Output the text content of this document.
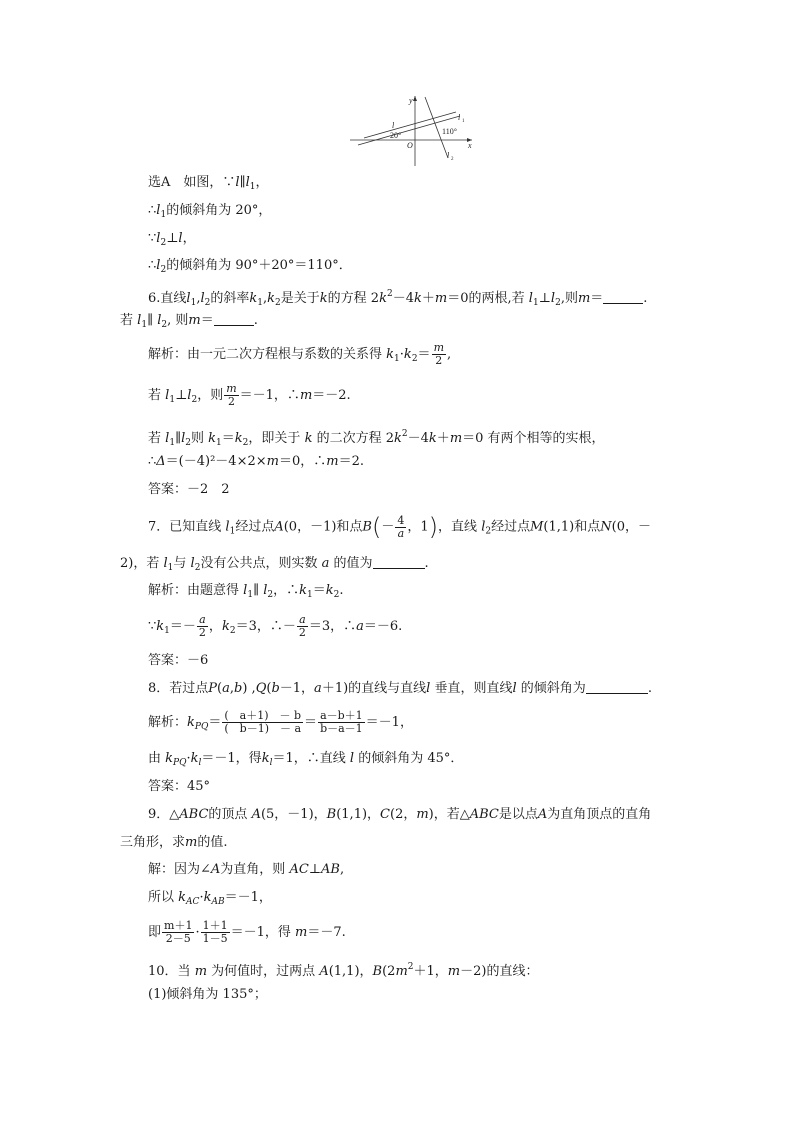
y
x
O
l
l
l
1
2
20°	110°
选A　如图，$\because l\parallel l_1$，
$\therefore l_1$的倾斜角为 20°，
$\because l_2\perp l$，
$\therefore l_2$的倾斜角为 90°＋20°＝110°．
6.直线$l_1,l_2$的斜率$k_1,k_2$是关于k的方程 $2k^2-4k+m=0$的两根,若 $l_1\perp l_2$,则m＝	.
若 $l_1\parallel$ $l_2$, 则m＝	.
解析：由一元二次方程根与系数的关系得 $k_1\cdot k_2= \frac{m}{2}$ ,
若 $l_1\perp l_2$，则 $\frac{m}{2} =-1$，∴m＝－2.
若 $l_1\parallel l_2$则 $k_1=k_2$，即关于 k 的二次方程 $2k^2-4k+m=0$ 有两个相等的实根，
∴Δ＝(－4)²－4×2×m＝0，∴m＝2.
答案：－2　2
7．已知直线 $l_1$经过点A(0，－1)和点$B(- \frac{4}{a}$ ，1)，直线 $l_2$经过点M(1,1)和点N(0，－
2)，若 $l_1$与 $l_2$没有公共点，则实数 a 的值为	.
解析：由题意得 $l_1\parallel$ $l_2$，$\therefore k_1=k_2$.
$\because k_1=- \frac{a}{2}$ ，$k_2=3$，∴－ $\frac{a}{2} =3$，∴a＝－6.
答案：－6
8．若过点P(a,b) ,Q(b－1，a＋1)的直线与直线l 垂直，则直线l 的倾斜角为	.
解析：$k_{PQ}= \frac{( a+1) - b}{( b-1) - a} = \frac{a-b+1}{b-a-1} =-1$，
由 $k_{PQ}\cdot k_l=-1$，得$k_l=1$，∴直线 l 的倾斜角为 45°．
答案：45°
9．△ABC的顶点 A(5，－1)，B(1,1)，C(2，m)，若△ABC是以点A为直角顶点的直角
三角形，求m的值.
解：因为∠A为直角，则 AC⊥AB,
所以 $k_{AC}\cdot k_{AB}=-1$，
即 $\frac{m+1}{2-5} \cdot \frac{1+1}{1-5} =-1$，得 m＝－7.
10．当 m 为何值时，过两点 A(1,1)，$B(2m^2+1$，m－2)的直线：
(1)倾斜角为 135°；
